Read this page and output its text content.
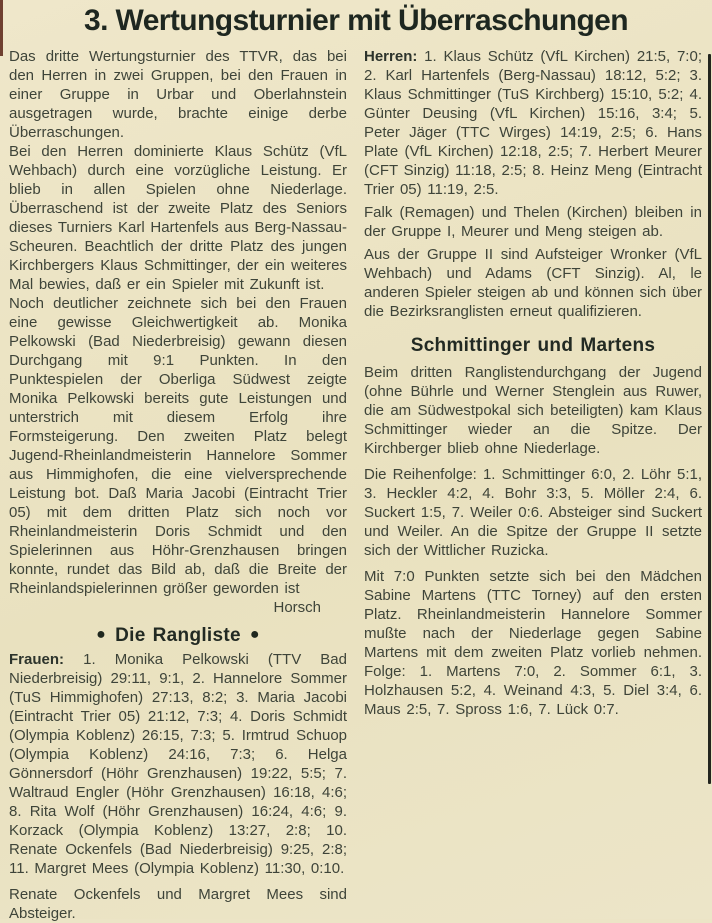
3. Wertungsturnier mit Überraschungen

Das dritte Wertungsturnier des TTVR, das bei den Herren in zwei Gruppen, bei den Frauen in einer Gruppe in Urbar und Oberlahnstein ausgetragen wurde, brachte einige derbe Überraschungen.

Bei den Herren dominierte Klaus Schütz (VfL Wehbach) durch eine vorzügliche Leistung. Er blieb in allen Spielen ohne Niederlage. Überraschend ist der zweite Platz des Seniors dieses Turniers Karl Hartenfels aus Berg-Nassau-Scheuren. Beachtlich der dritte Platz des jungen Kirchbergers Klaus Schmittinger, der ein weiteres Mal bewies, daß er ein Spieler mit Zukunft ist.

Noch deutlicher zeichnete sich bei den Frauen eine gewisse Gleichwertigkeit ab. Monika Pelkowski (Bad Niederbreisig) gewann diesen Durchgang mit 9:1 Punkten. In den Punktespielen der Oberliga Südwest zeigte Monika Pelkowski bereits gute Leistungen und unterstrich mit diesem Erfolg ihre Formsteigerung. Den zweiten Platz belegt Jugend-Rheinlandmeisterin Hannelore Sommer aus Himmighofen, die eine vielversprechende Leistung bot. Daß Maria Jacobi (Eintracht Trier 05) mit dem dritten Platz sich noch vor Rheinlandmeisterin Doris Schmidt und den Spielerinnen aus Höhr-Grenzhausen bringen konnte, rundet das Bild ab, daß die Breite der Rheinlandspielerinnen größer geworden ist

Horsch

● Die Rangliste ●

Frauen: 1. Monika Pelkowski (TTV Bad Niederbreisig) 29:11, 9:1, 2. Hannelore Sommer (TuS Himmighofen) 27:13, 8:2; 3. Maria Jacobi (Eintracht Trier 05) 21:12, 7:3; 4. Doris Schmidt (Olympia Koblenz) 26:15, 7:3; 5. Irmtrud Schuop (Olympia Koblenz) 24:16, 7:3; 6. Helga Gönnersdorf (Höhr Grenzhausen) 19:22, 5:5; 7. Waltraud Engler (Höhr Grenzhausen) 16:18, 4:6; 8. Rita Wolf (Höhr Grenzhausen) 16:24, 4:6; 9. Korzack (Olympia Koblenz) 13:27, 2:8; 10. Renate Ockenfels (Bad Niederbreisig) 9:25, 2:8; 11. Margret Mees (Olympia Koblenz) 11:30, 0:10.

Renate Ockenfels und Margret Mees sind Absteiger.

Herren: 1. Klaus Schütz (VfL Kirchen) 21:5, 7:0; 2. Karl Hartenfels (Berg-Nassau) 18:12, 5:2; 3. Klaus Schmittinger (TuS Kirchberg) 15:10, 5:2; 4. Günter Deusing (VfL Kirchen) 15:16, 3:4; 5. Peter Jäger (TTC Wirges) 14:19, 2:5; 6. Hans Plate (VfL Kirchen) 12:18, 2:5; 7. Herbert Meurer (CFT Sinzig) 11:18, 2:5; 8. Heinz Meng (Eintracht Trier 05) 11:19, 2:5.

Falk (Remagen) und Thelen (Kirchen) bleiben in der Gruppe I, Meurer und Meng steigen ab.

Aus der Gruppe II sind Aufsteiger Wronker (VfL Wehbach) und Adams (CFT Sinzig). Al, le anderen Spieler steigen ab und können sich über die Bezirksranglisten erneut qualifizieren.

Schmittinger und Martens

Beim dritten Ranglistendurchgang der Jugend (ohne Bührle und Werner Stenglein aus Ruwer, die am Südwestpokal sich beteiligten) kam Klaus Schmittinger wieder an die Spitze. Der Kirchberger blieb ohne Niederlage.

Die Reihenfolge: 1. Schmittinger 6:0, 2. Löhr 5:1, 3. Heckler 4:2, 4. Bohr 3:3, 5. Möller 2:4, 6. Suckert 1:5, 7. Weiler 0:6. Absteiger sind Suckert und Weiler. An die Spitze der Gruppe II setzte sich der Wittlicher Ruzicka.

Mit 7:0 Punkten setzte sich bei den Mädchen Sabine Martens (TTC Torney) auf den ersten Platz. Rheinlandmeisterin Hannelore Sommer mußte nach der Niederlage gegen Sabine Martens mit dem zweiten Platz vorlieb nehmen. Folge: 1. Martens 7:0, 2. Sommer 6:1, 3. Holzhausen 5:2, 4. Weinand 4:3, 5. Diel 3:4, 6. Maus 2:5, 7. Spross 1:6, 7. Lück 0:7.
